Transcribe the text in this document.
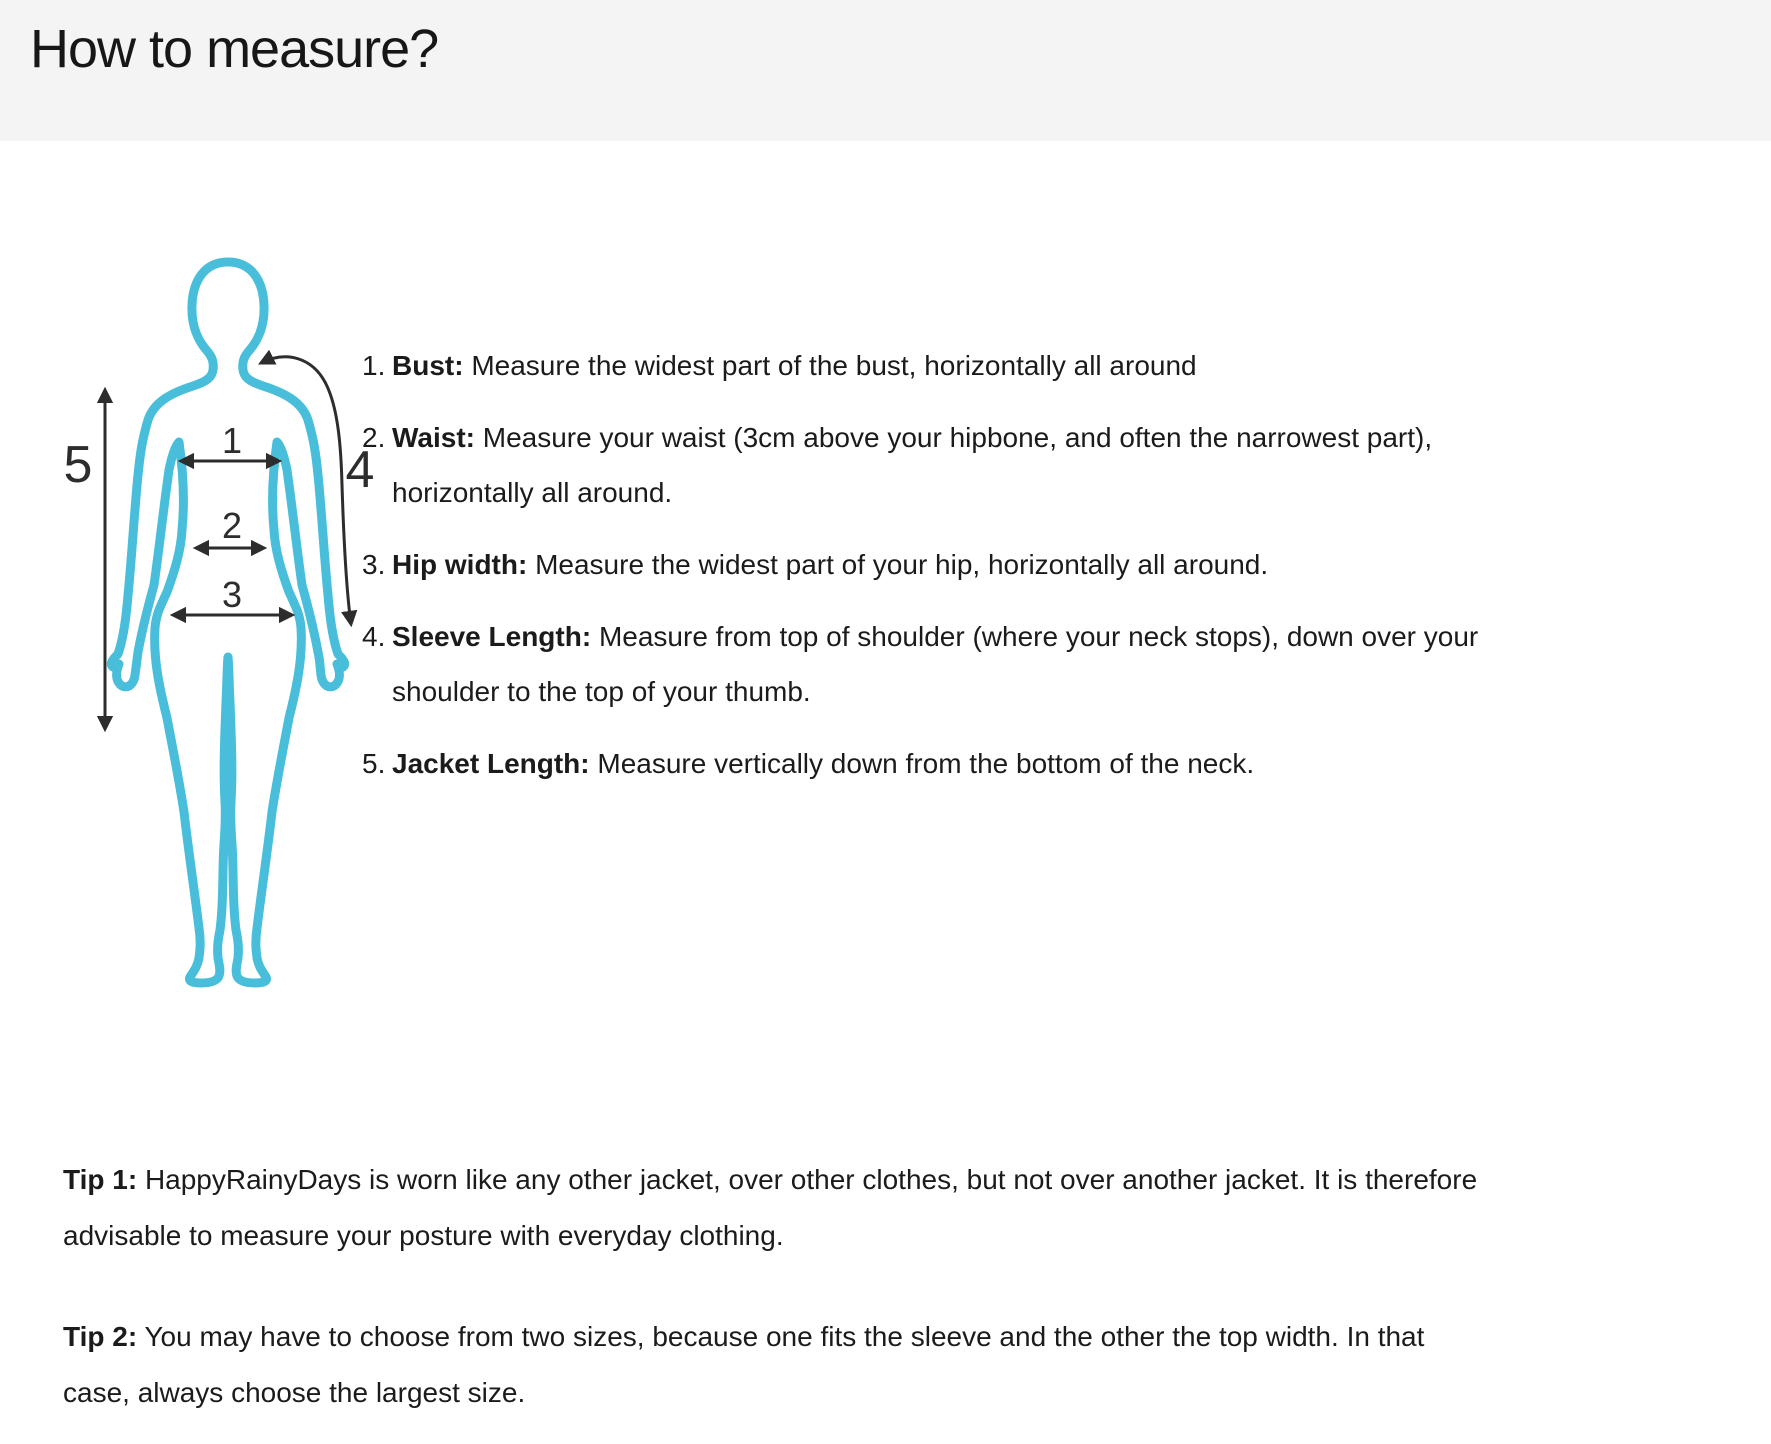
How to measure?
1
2
3
4
5
1. Bust: Measure the widest part of the bust, horizontally all around
2. Waist: Measure your waist (3cm above your hipbone, and often the narrowest part),
horizontally all around.
3. Hip width: Measure the widest part of your hip, horizontally all around.
4. Sleeve Length: Measure from top of shoulder (where your neck stops), down over your
shoulder to the top of your thumb.
5. Jacket Length: Measure vertically down from the bottom of the neck.
Tip 1: HappyRainyDays is worn like any other jacket, over other clothes, but not over another jacket. It is therefore
advisable to measure your posture with everyday clothing.
Tip 2: You may have to choose from two sizes, because one fits the sleeve and the other the top width. In that
case, always choose the largest size.
